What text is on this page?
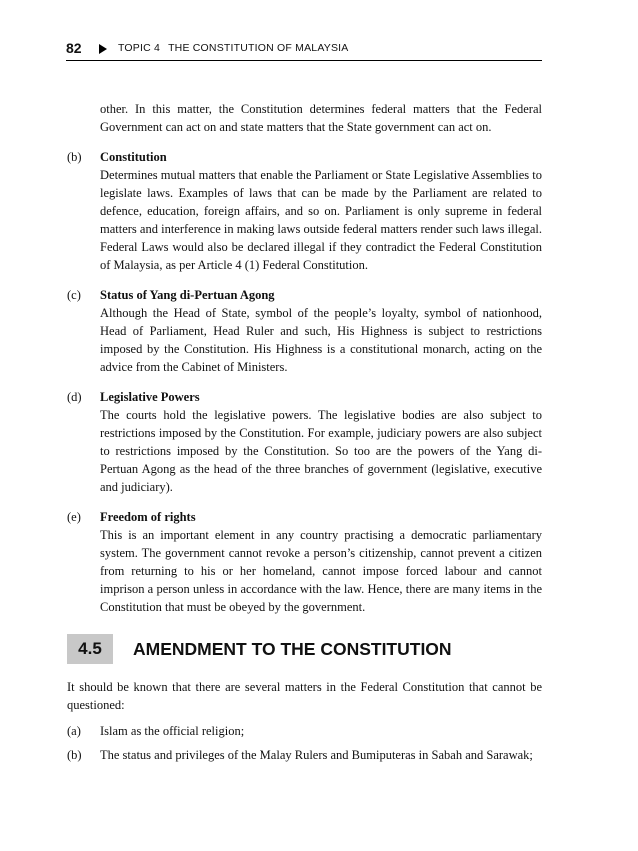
82	TOPIC 4 THE CONSTITUTION OF MALAYSIA
other. In this matter, the Constitution determines federal matters that the Federal Government can act on and state matters that the State government can act on.
(b) Constitution
Determines mutual matters that enable the Parliament or State Legislative Assemblies to legislate laws. Examples of laws that can be made by the Parliament are related to defence, education, foreign affairs, and so on. Parliament is only supreme in federal matters and interference in making laws outside federal matters render such laws illegal. Federal Laws would also be declared illegal if they contradict the Federal Constitution of Malaysia, as per Article 4 (1) Federal Constitution.
(c) Status of Yang di-Pertuan Agong
Although the Head of State, symbol of the people’s loyalty, symbol of nationhood, Head of Parliament, Head Ruler and such, His Highness is subject to restrictions imposed by the Constitution. His Highness is a constitutional monarch, acting on the advice from the Cabinet of Ministers.
(d) Legislative Powers
The courts hold the legislative powers. The legislative bodies are also subject to restrictions imposed by the Constitution. For example, judiciary powers are also subject to restrictions imposed by the Constitution. So too are the powers of the Yang di-Pertuan Agong as the head of the three branches of government (legislative, executive and judiciary).
(e) Freedom of rights
This is an important element in any country practising a democratic parliamentary system. The government cannot revoke a person’s citizenship, cannot prevent a citizen from returning to his or her homeland, cannot impose forced labour and cannot imprison a person unless in accordance with the law. Hence, there are many items in the Constitution that must be obeyed by the government.
4.5	AMENDMENT TO THE CONSTITUTION
It should be known that there are several matters in the Federal Constitution that cannot be questioned:
(a) Islam as the official religion;
(b) The status and privileges of the Malay Rulers and Bumiputeras in Sabah and Sarawak;
